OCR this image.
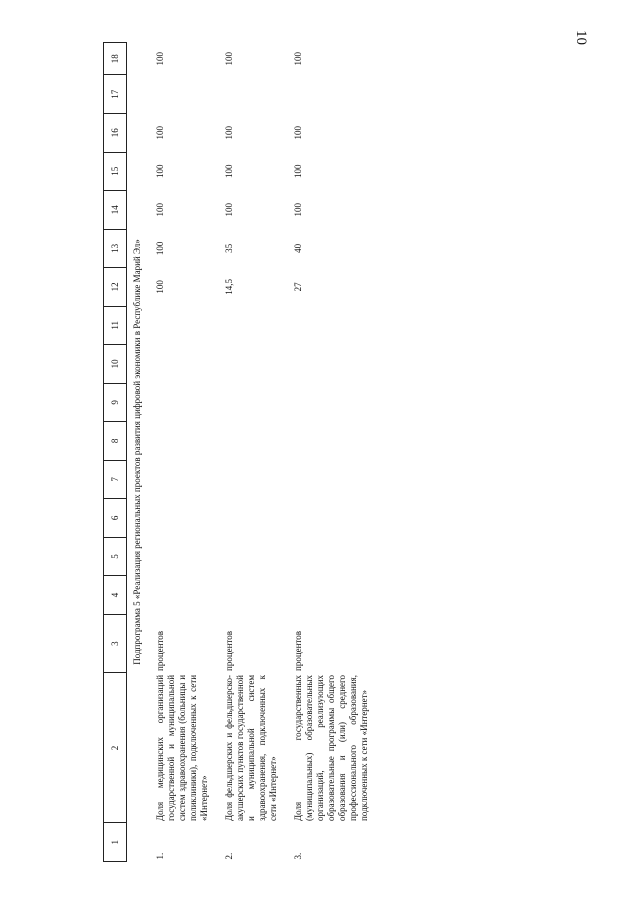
10
1	2	3	4	5	6	7	8	9	10	11	12	13	14	15	16	17	18
Подпрограмма 5 «Реализация региональных проектов развития цифровой экономики в Республике Марий Эл»																	
1.	Доля медицинских организаций государственной и муниципальной систем здравоохранения (больницы и поликлиники), подключенных к сети «Интернет»	процентов									100	100	100	100	100		100
2.	Доля фельдшерских и фельдшерско-акушерских пунктов государственной и муниципальной систем здравоохранения, подключенных к сети «Интернет»	процентов									14,5	35	100	100	100		100
3.	Доля государственных (муниципальных) образовательных организаций, реализующих образовательные программы общего образования и (или) среднего профессионального образования, подключенных к сети «Интернет»	процентов									27	40	100	100	100		100
